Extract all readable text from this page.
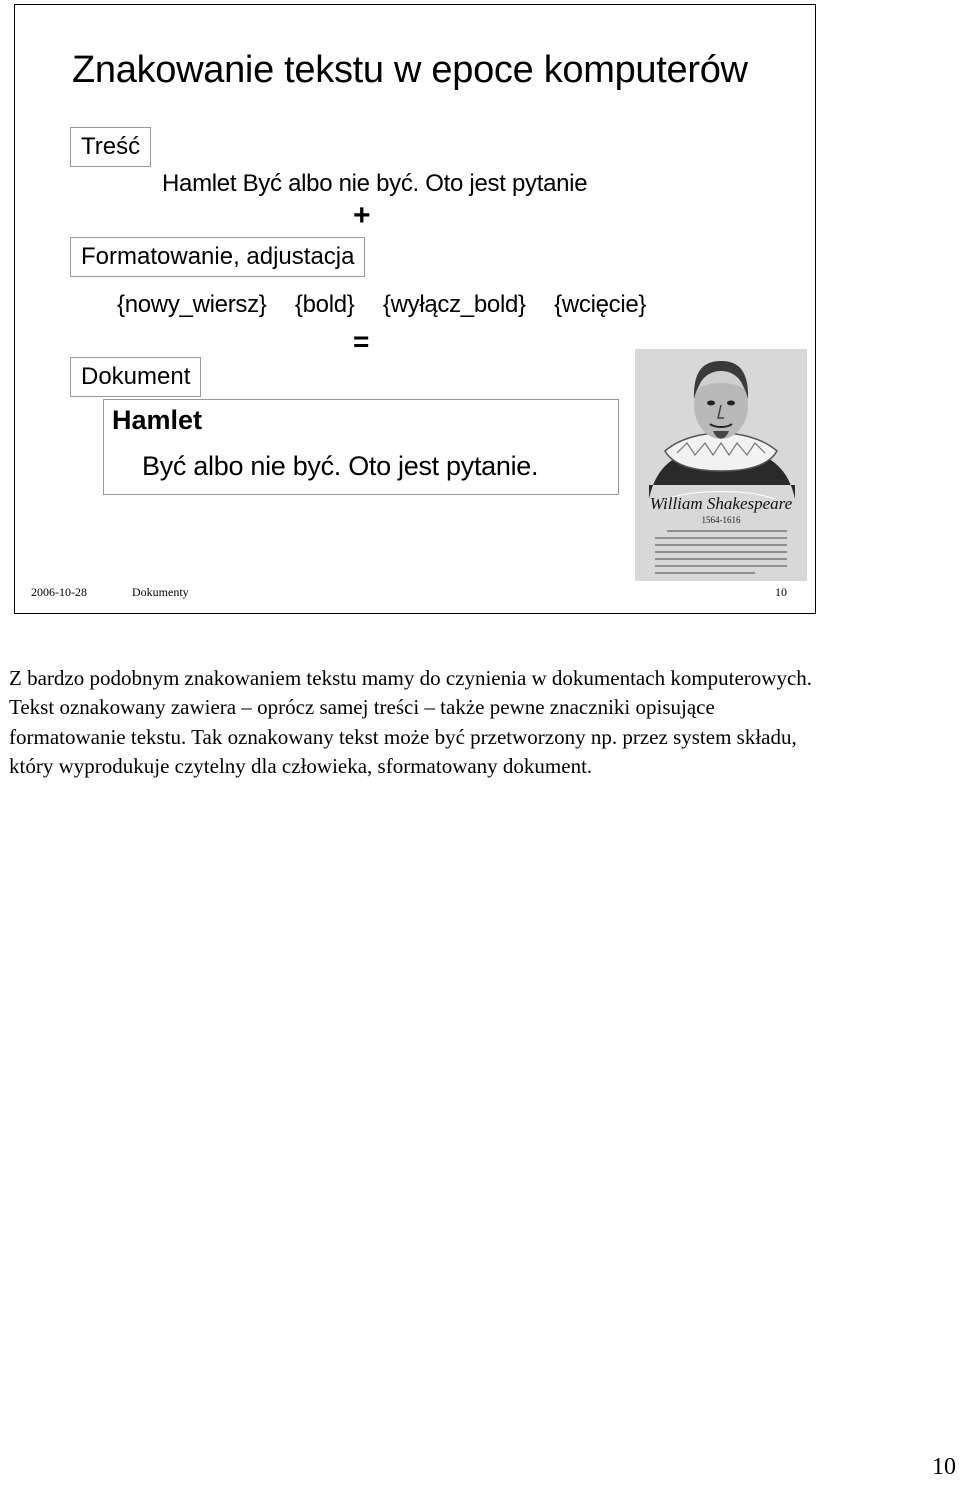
Znakowanie tekstu w epoce komputerów
Treść
Hamlet Być albo nie być. Oto jest pytanie
+
Formatowanie, adjustacja
{nowy_wiersz} {bold} {wyłącz_bold} {wcięcie}
=
Dokument
Hamlet
Być albo nie być. Oto jest pytanie.
William Shakespeare
1564-1616
2006-10-28	Dokumenty	10
Z bardzo podobnym znakowaniem tekstu mamy do czynienia w dokumentach komputerowych. Tekst oznakowany zawiera – oprócz samej treści – także pewne znaczniki opisujące formatowanie tekstu. Tak oznakowany tekst może być przetworzony np. przez system składu, który wyprodukuje czytelny dla człowieka, sformatowany dokument.
10
